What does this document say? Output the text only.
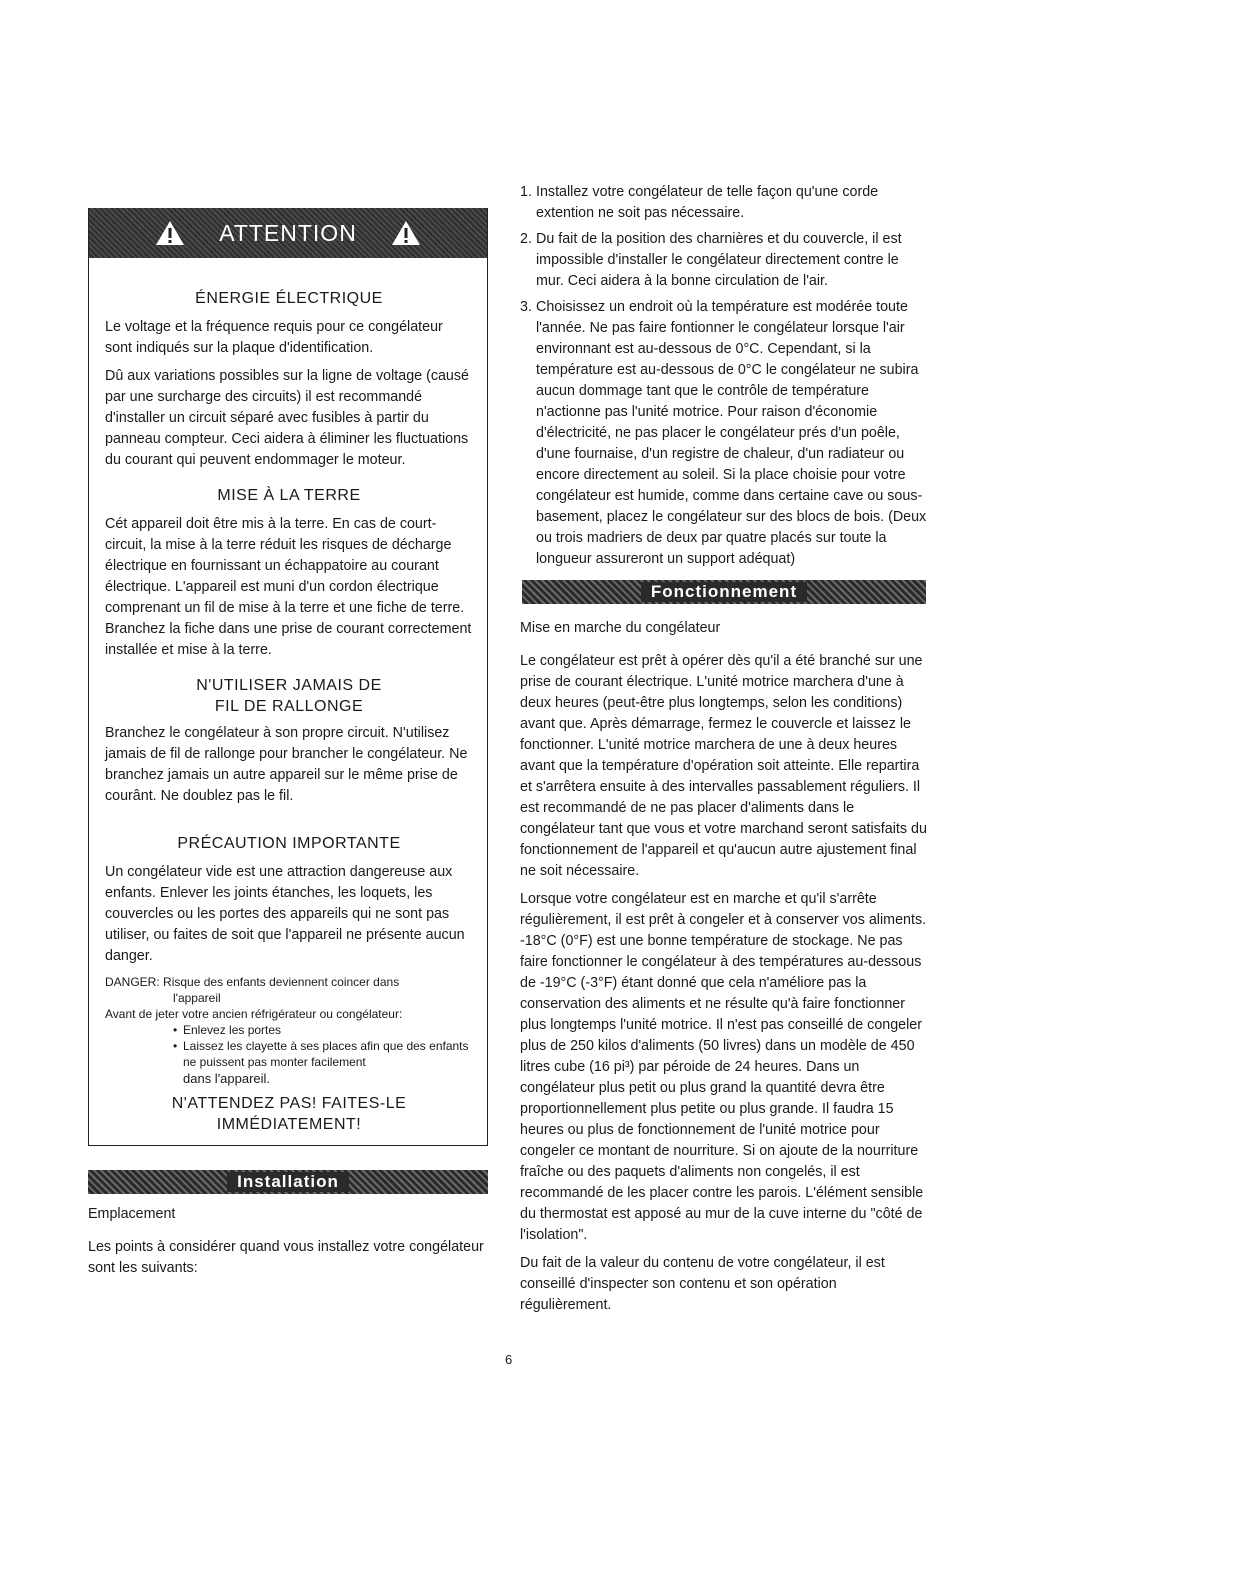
ATTENTION
ÉNERGIE ÉLECTRIQUE

Le voltage et la fréquence requis pour ce congélateur sont indiqués sur la plaque d'identification.

Dû aux variations possibles sur la ligne de voltage (causé par une surcharge des circuits) il est recommandé d'installer un circuit séparé avec fusibles à partir du panneau compteur. Ceci aidera à éliminer les fluctuations du courant qui peuvent endommager le moteur.

MISE À LA TERRE

Cét appareil doit être mis à la terre. En cas de court-circuit, la mise à la terre réduit les risques de décharge électrique en fournissant un échappatoire au courant électrique. L'appareil est muni d'un cordon électrique comprenant un fil de mise à la terre et une fiche de terre. Branchez la fiche dans une prise de courant correctement installée et mise à la terre.

N'UTILISER JAMAIS DE
FIL DE RALLONGE

Branchez le congélateur à son propre circuit. N'utilisez jamais de fil de rallonge pour brancher le congélateur. Ne branchez jamais un autre appareil sur le même prise de courânt. Ne doublez pas le fil.

PRÉCAUTION IMPORTANTE

Un congélateur vide est une attraction dangereuse aux enfants. Enlever les joints étanches, les loquets, les couvercles ou les portes des appareils qui ne sont pas utiliser, ou faites de soit que l'appareil ne présente aucun danger.

DANGER: Risque des enfants deviennent coincer dans
l'appareil
Avant de jeter votre ancien réfrigérateur ou congélateur:
• Enlevez les portes
• Laissez les clayette à ses places afin que des enfants ne puissent pas monter facilement
dans l'appareil.
N'ATTENDEZ PAS! FAITES-LE
IMMÉDIATEMENT!
Installation
Emplacement

Les points à considérer quand vous installez votre congélateur sont les suivants:

1. Installez votre congélateur de telle façon qu'une corde extention ne soit pas nécessaire.
2. Du fait de la position des charnières et du couvercle, il est impossible d'installer le congélateur directement contre le mur. Ceci aidera à la bonne circulation de l'air.
3. Choisissez un endroit où la température est modérée toute l'année. Ne pas faire fontionner le congélateur lorsque l'air environnant est au-dessous de 0°C. Cependant, si la température est au-dessous de 0°C le congélateur ne subira aucun dommage tant que le contrôle de température n'actionne pas l'unité motrice. Pour raison d'économie d'électricité, ne pas placer le congélateur prés d'un poêle, d'une fournaise, d'un registre de chaleur, d'un radiateur ou encore directement au soleil. Si la place choisie pour votre congélateur est humide, comme dans certaine cave ou sous-basement, placez le congélateur sur des blocs de bois. (Deux ou trois madriers de deux par quatre placés sur toute la longueur assureront un support adéquat)
Fonctionnement
Mise en marche du congélateur

Le congélateur est prêt à opérer dès qu'il a été branché sur une prise de courant électrique. L'unité motrice marchera d'une à deux heures (peut-être plus longtemps, selon les conditions) avant que. Après démarrage, fermez le couvercle et laissez le fonctionner. L'unité motrice marchera de une à deux heures avant que la température d'opération soit atteinte. Elle repartira et s'arrêtera ensuite à des intervalles passablement réguliers. Il est recommandé de ne pas placer d'aliments dans le congélateur tant que vous et votre marchand seront satisfaits du fonctionnement de l'appareil et qu'aucun autre ajustement final ne soit nécessaire.

Lorsque votre congélateur est en marche et qu'il s'arrête régulièrement, il est prêt à congeler et à conserver vos aliments. -18°C (0°F) est une bonne température de stockage. Ne pas faire fonctionner le congélateur à des températures au-dessous de -19°C (-3°F) étant donné que cela n'améliore pas la conservation des aliments et ne résulte qu'à faire fonctionner plus longtemps l'unité motrice. Il n'est pas conseillé de congeler plus de 250 kilos d'aliments (50 livres) dans un modèle de 450 litres cube (16 pi³) par péroide de 24 heures. Dans un congélateur plus petit ou plus grand la quantité devra être proportionnellement plus petite ou plus grande. Il faudra 15 heures ou plus de fonctionnement de l'unité motrice pour congeler ce montant de nourriture. Si on ajoute de la nourriture fraîche ou des paquets d'aliments non congelés, il est recommandé de les placer contre les parois. L'élément sensible du thermostat est apposé au mur de la cuve interne du "côté de l'isolation".

Du fait de la valeur du contenu de votre congélateur, il est conseillé d'inspecter son contenu et son opération régulièrement.

6
